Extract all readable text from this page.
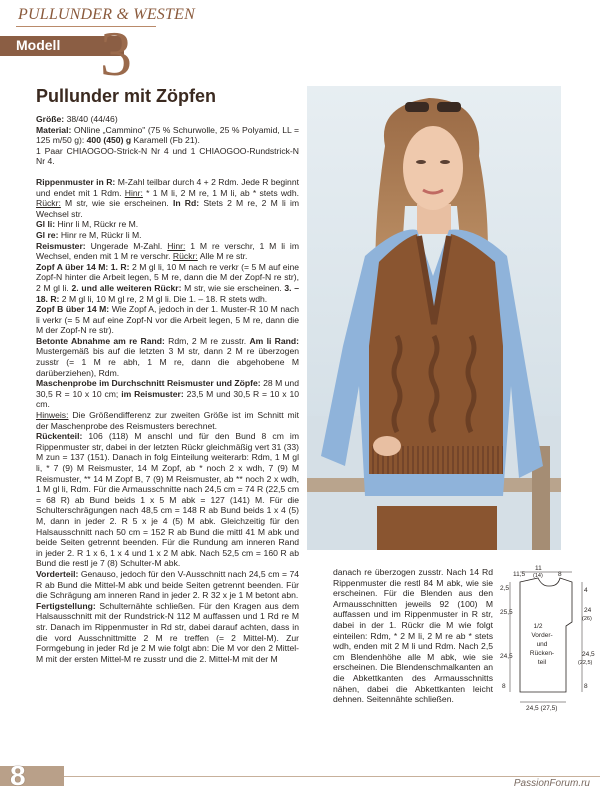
PULLUNDER & WESTEN
Modell 3
Pullunder mit Zöpfen

Größe: 38/40 (44/46)

Material: ONline „Cammino" (75 % Schurwolle, 25 % Polyamid, LL = 125 m/50 g): 400 (450) g Karamell (Fb 21).

1 Paar CHIAOGOO-Strick-N Nr 4 und 1 CHIAOGOO-Rundstrick-N Nr 4.

Rippenmuster in R: M-Zahl teilbar durch 4 + 2 Rdm. Jede R beginnt und endet mit 1 Rdm. Hinr: * 1 M li, 2 M re, 1 M li, ab * stets wdh. Rückr: M str, wie sie erscheinen. In Rd: Stets 2 M re, 2 M li im Wechsel str.

Gl li: Hinr li M, Rückr re M.

Gl re: Hinr re M, Rückr li M.

Reismuster: Ungerade M-Zahl. Hinr: 1 M re verschr, 1 M li im Wechsel, enden mit 1 M re verschr. Rückr: Alle M re str.

Zopf A über 14 M: 1. R: 2 M gl li, 10 M nach re verkr (= 5 M auf eine Zopf-N hinter die Arbeit legen, 5 M re, dann die M der Zopf-N re str), 2 M gl li. 2. und alle weiteren Rückr: M str, wie sie erscheinen. 3. – 18. R: 2 M gl li, 10 M gl re, 2 M gl li. Die 1. – 18. R stets wdh.

Zopf B über 14 M: Wie Zopf A, jedoch in der 1. Muster-R 10 M nach li verkr (= 5 M auf eine Zopf-N vor die Arbeit legen, 5 M re, dann die M der Zopf-N re str).

Betonte Abnahme am re Rand: Rdm, 2 M re zusstr. Am li Rand: Mustergemäß bis auf die letzten 3 M str, dann 2 M re überzogen zusstr (= 1 M re abh, 1 M re, dann die abgehobene M darüberziehen), Rdm.

Maschenprobe im Durchschnitt Reismuster und Zöpfe: 28 M und 30,5 R = 10 x 10 cm; im Reismuster: 23,5 M und 30,5 R = 10 x 10 cm.

Hinweis: Die Größendifferenz zur zweiten Größe ist im Schnitt mit der Maschenprobe des Reismusters berechnet.

Rückenteil: 106 (118) M anschl und für den Bund 8 cm im Rippenmuster str, dabei in der letzten Rückr gleichmäßig vert 31 (33) M zun = 137 (151). Danach in folg Einteilung weiterarb: Rdm, 1 M gl li, * 7 (9) M Reismuster, 14 M Zopf, ab * noch 2 x wdh, 7 (9) M Reismuster, ** 14 M Zopf B, 7 (9) M Reismuster, ab ** noch 2 x wdh, 1 M gl li, Rdm. Für die Armausschnitte nach 24,5 cm = 74 R (22,5 cm = 68 R) ab Bund beids 1 x 5 M abk = 127 (141) M. Für die Schulterschrägungen nach 48,5 cm = 148 R ab Bund beids 1 x 4 (5) M, dann in jeder 2. R 5 x je 4 (5) M abk. Gleichzeitig für den Halsausschnitt nach 50 cm = 152 R ab Bund die mittl 41 M abk und beide Seiten getrennt beenden. Für die Rundung am inneren Rand in jeder 2. R 1 x 6, 1 x 4 und 1 x 2 M abk. Nach 52,5 cm = 160 R ab Bund die restl je 7 (8) Schulter-M abk.

Vorderteil: Genauso, jedoch für den V-Ausschnitt nach 24,5 cm = 74 R ab Bund die Mittel-M abk und beide Seiten getrennt beenden. Für die Schrägung am inneren Rand in jeder 2. R 32 x je 1 M betont abn.

Fertigstellung: Schulternähte schließen. Für den Kragen aus dem Halsausschnitt mit der Rundstrick-N 112 M auffassen und 1 Rd re M str. Danach im Rippenmuster in Rd str, dabei darauf achten, dass in die vord Ausschnittmitte 2 M re treffen (= 2 Mittel-M). Zur Formgebung in jeder Rd je 2 M wie folgt abn: Die M vor den 2 Mittel-M mit der ersten Mittel-M re zusstr und die 2. Mittel-M mit der M

danach re überzogen zusstr. Nach 14 Rd Rippenmuster die restl 84 M abk, wie sie erscheinen. Für die Blenden aus den Armausschnitten jeweils 92 (100) M auffassen und im Rippenmuster in R str, dabei in der 1. Rückr die M wie folgt einteilen: Rdm, * 2 M li, 2 M re ab * stets wdh, enden mit 2 M li und Rdm. Nach 2,5 cm Blendenhöhe alle M abk, wie sie erscheinen. Die Blendenschmalkanten an die Abkettkanten des Armausschnitts nähen, dabei die Abkettkanten leicht dehnen. Seitennähte schließen.

11,5
11
(14) 8
2,5
25,5
24,5
8
4
24
(26)
24,5
(22,5)
8
24,5 (27,5)
1/2
Vorder-
und
Rücken-
teil
8	PassionForum.ru
